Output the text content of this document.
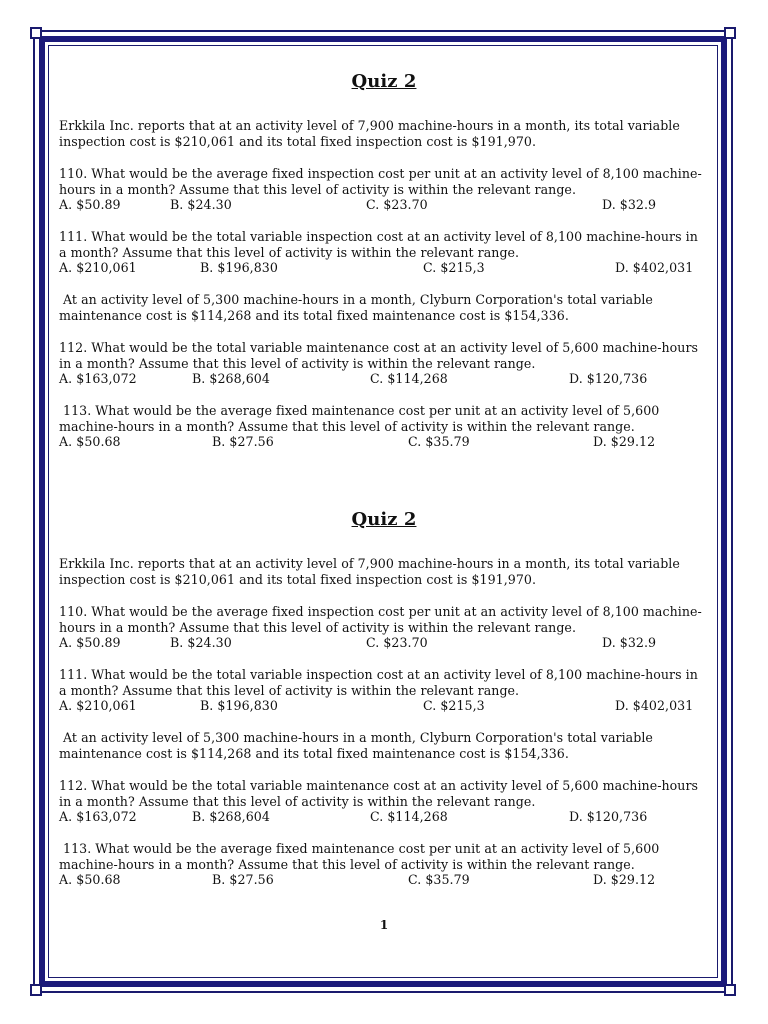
Quiz 2

Erkkila Inc. reports that at an activity level of 7,900 machine-hours in a month, its total variable inspection cost is $210,061 and its total fixed inspection cost is $191,970.

110. What would be the average fixed inspection cost per unit at an activity level of 8,100 machine-hours in a month? Assume that this level of activity is within the relevant range.
A. $50.89	B. $24.30	C. $23.70	D. $32.9
111. What would be the total variable inspection cost at an activity level of 8,100 machine-hours in a month? Assume that this level of activity is within the relevant range.
A. $210,061	B. $196,830	C. $215,3	D. $402,031

At an activity level of 5,300 machine-hours in a month, Clyburn Corporation's total variable maintenance cost is $114,268 and its total fixed maintenance cost is $154,336.

112. What would be the total variable maintenance cost at an activity level of 5,600 machine-hours in a month? Assume that this level of activity is within the relevant range.
A. $163,072	B. $268,604	C. $114,268	D. $120,736
113. What would be the average fixed maintenance cost per unit at an activity level of 5,600 machine-hours in a month? Assume that this level of activity is within the relevant range.
A. $50.68	B. $27.56	C. $35.79	D. $29.12
Quiz 2

Erkkila Inc. reports that at an activity level of 7,900 machine-hours in a month, its total variable inspection cost is $210,061 and its total fixed inspection cost is $191,970.

110. What would be the average fixed inspection cost per unit at an activity level of 8,100 machine-hours in a month? Assume that this level of activity is within the relevant range.
A. $50.89	B. $24.30	C. $23.70	D. $32.9
111. What would be the total variable inspection cost at an activity level of 8,100 machine-hours in a month? Assume that this level of activity is within the relevant range.
A. $210,061	B. $196,830	C. $215,3	D. $402,031

At an activity level of 5,300 machine-hours in a month, Clyburn Corporation's total variable maintenance cost is $114,268 and its total fixed maintenance cost is $154,336.

112. What would be the total variable maintenance cost at an activity level of 5,600 machine-hours in a month? Assume that this level of activity is within the relevant range.
A. $163,072	B. $268,604	C. $114,268	D. $120,736
113. What would be the average fixed maintenance cost per unit at an activity level of 5,600 machine-hours in a month? Assume that this level of activity is within the relevant range.
A. $50.68	B. $27.56	C. $35.79	D. $29.12
1
